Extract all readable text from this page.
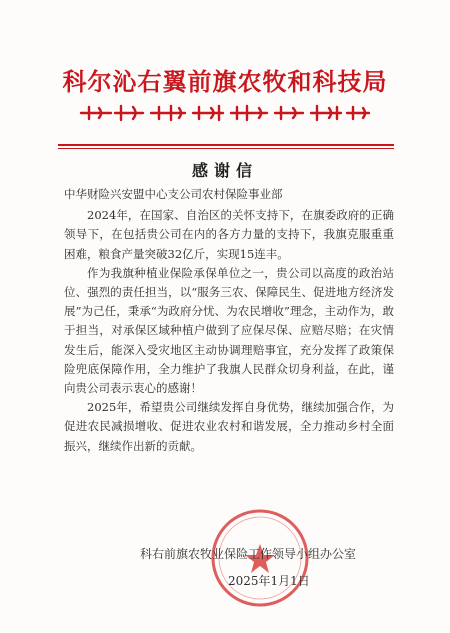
科尔沁右翼前旗农牧和科技局
感谢信

中华财险兴安盟中心支公司农村保险事业部

2024年，在国家、自治区的关怀支持下，在旗委政府的正确领导下，在包括贵公司在内的各方力量的支持下，我旗克服重重困难，粮食产量突破32亿斤，实现15连丰。

作为我旗种植业保险承保单位之一，贵公司以高度的政治站位、强烈的责任担当，以“服务三农、保障民生、促进地方经济发展”为己任，秉承“为政府分忧、为农民增收”理念，主动作为，敢于担当，对承保区域种植户做到了应保尽保、应赔尽赔；在灾情发生后，能深入受灾地区主动协调理赔事宜，充分发挥了政策保险兜底保障作用，全力维护了我旗人民群众切身利益，在此，谨向贵公司表示衷心的感谢！

2025年，希望贵公司继续发挥自身优势，继续加强合作，为促进农民减损增收、促进农业农村和谐发展，全力推动乡村全面振兴，继续作出新的贡献。

科右前旗农牧业保险工作领导小组办公室
2025年1月1日
